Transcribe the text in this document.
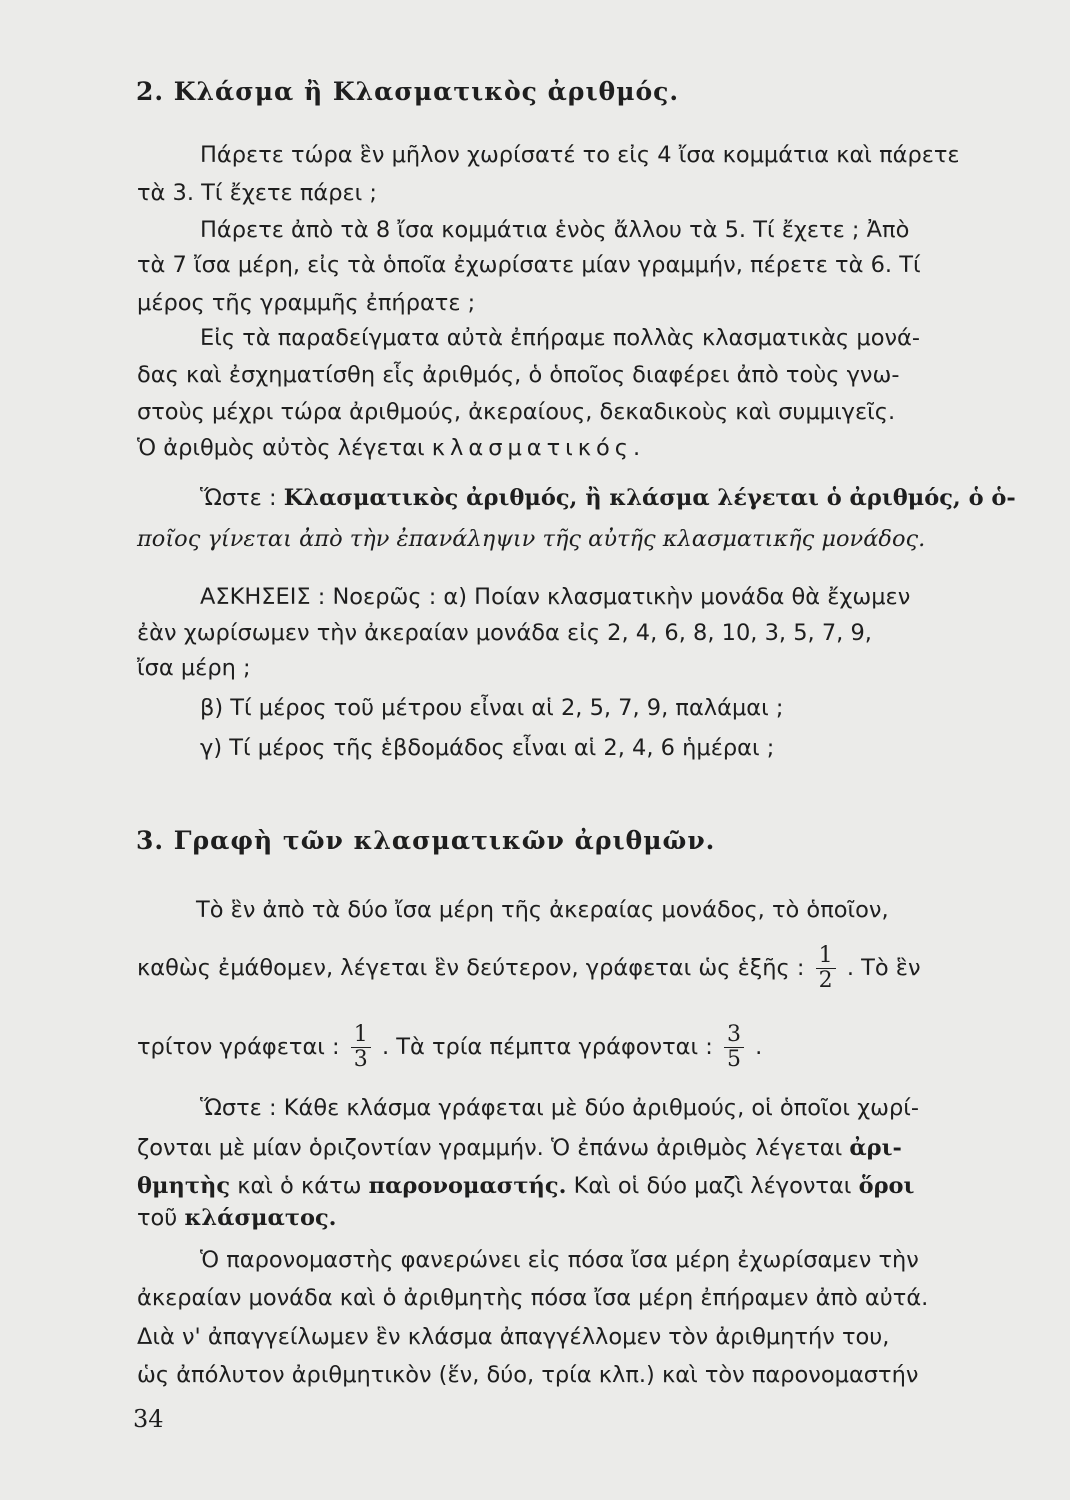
2. Κλάσμα ἢ Κλασματικὸς ἀριθμός.
Πάρετε τώρα ἓν μῆλον χωρίσατέ το εἰς 4 ἴσα κομμάτια καὶ πάρετε
τὰ 3. Τί ἔχετε πάρει ;
Πάρετε ἀπὸ τὰ 8 ἴσα κομμάτια ἑνὸς ἄλλου τὰ 5. Τί ἔχετε ; Ἀπὸ
τὰ 7 ἴσα μέρη, εἰς τὰ ὁποῖα ἐχωρίσατε μίαν γραμμήν, πέρετε τὰ 6. Τί
μέρος τῆς γραμμῆς ἐπήρατε ;
Εἰς τὰ παραδείγματα αὐτὰ ἐπήραμε πολλὰς κλασματικὰς μονά-
δας καὶ ἐσχηματίσθη εἷς ἀριθμός, ὁ ὁποῖος διαφέρει ἀπὸ τοὺς γνω-
στοὺς μέχρι τώρα ἀριθμούς, ἀκεραίους, δεκαδικοὺς καὶ συμμιγεῖς.
Ὁ ἀριθμὸς αὐτὸς λέγεται κλασματικός.
Ὥστε : Κλασματικὸς ἀριθμός, ἢ κλάσμα λέγεται ὁ ἀριθμός, ὁ ὁ-
ποῖος γίνεται ἀπὸ τὴν ἐπανάληψιν τῆς αὐτῆς κλασματικῆς μονάδος.
ΑΣΚΗΣΕΙΣ : Νοερῶς : α) Ποίαν κλασματικὴν μονάδα θὰ ἔχωμεν
ἐὰν χωρίσωμεν τὴν ἀκεραίαν μονάδα εἰς 2, 4, 6, 8, 10, 3, 5, 7, 9,
ἴσα μέρη ;
β) Τί μέρος τοῦ μέτρου εἶναι αἱ 2, 5, 7, 9, παλάμαι ;
γ) Τί μέρος τῆς ἑβδομάδος εἶναι αἱ 2, 4, 6 ἡμέραι ;
3. Γραφὴ τῶν κλασματικῶν ἀριθμῶν.
Τὸ ἓν ἀπὸ τὰ δύο ἴσα μέρη τῆς ἀκεραίας μονάδος, τὸ ὁποῖον,
καθὼς ἐμάθομεν, λέγεται ἓν δεύτερον, γράφεται ὡς ἑξῆς : $\frac{1}{2}$ . Τὸ ἓν
τρίτον γράφεται : $\frac{1}{3}$ . Τὰ τρία πέμπτα γράφονται : $\frac{3}{5}$ .
Ὥστε : Κάθε κλάσμα γράφεται μὲ δύο ἀριθμούς, οἱ ὁποῖοι χωρί-
ζονται μὲ μίαν ὁριζοντίαν γραμμήν. Ὁ ἐπάνω ἀριθμὸς λέγεται ἀρι-
θμητὴς καὶ ὁ κάτω παρονομαστής. Καὶ οἱ δύο μαζὶ λέγονται ὅροι
τοῦ κλάσματος.
Ὁ παρονομαστὴς φανερώνει εἰς πόσα ἴσα μέρη ἐχωρίσαμεν τὴν
ἀκεραίαν μονάδα καὶ ὁ ἀριθμητὴς πόσα ἴσα μέρη ἐπήραμεν ἀπὸ αὐτά.
Διὰ ν' ἀπαγγείλωμεν ἓν κλάσμα ἀπαγγέλλομεν τὸν ἀριθμητήν του,
ὡς ἀπόλυτον ἀριθμητικὸν (ἕν, δύο, τρία κλπ.) καὶ τὸν παρονομαστήν
34
